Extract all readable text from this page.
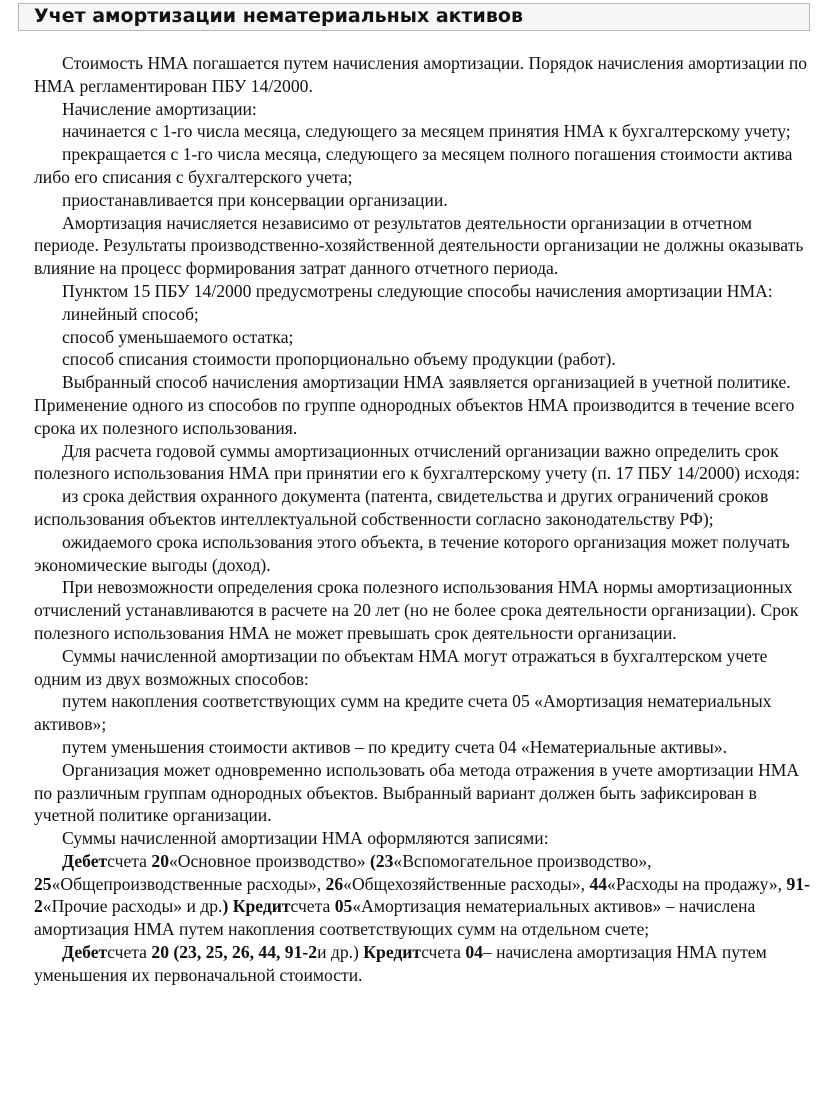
Учет амортизации нематериальных активов

Стоимость НМА погашается путем начисления амортизации. Порядок начисления амортизации по НМА регламентирован ПБУ 14/2000.

Начисление амортизации:

начинается с 1-го числа месяца, следующего за месяцем принятия НМА к бухгалтерскому учету;

прекращается с 1-го числа месяца, следующего за месяцем полного погашения стоимости актива либо его списания с бухгалтерского учета;

приостанавливается при консервации организации.

Амортизация начисляется независимо от результатов деятельности организации в отчетном периоде. Результаты производственно-хозяйственной деятельности организации не должны оказывать влияние на процесс формирования затрат данного отчетного периода.

Пунктом 15 ПБУ 14/2000 предусмотрены следующие способы начисления амортизации НМА:

линейный способ;

способ уменьшаемого остатка;

способ списания стоимости пропорционально объему продукции (работ).

Выбранный способ начисления амортизации НМА заявляется организацией в учетной политике. Применение одного из способов по группе однородных объектов НМА производится в течение всего срока их полезного использования.

Для расчета годовой суммы амортизационных отчислений организации важно определить срок полезного использования НМА при принятии его к бухгалтерскому учету (п. 17 ПБУ 14/2000) исходя:

из срока действия охранного документа (патента, свидетельства и других ограничений сроков использования объектов интеллектуальной собственности согласно законодательству РФ);

ожидаемого срока использования этого объекта, в течение которого организация может получать экономические выгоды (доход).

При невозможности определения срока полезного использования НМА нормы амортизационных отчислений устанавливаются в расчете на 20 лет (но не более срока деятельности организации). Срок полезного использования НМА не может превышать срок деятельности организации.

Суммы начисленной амортизации по объектам НМА могут отражаться в бухгалтерском учете одним из двух возможных способов:

путем накопления соответствующих сумм на кредите счета 05 «Амортизация нематериальных активов»;

путем уменьшения стоимости активов – по кредиту счета 04 «Нематериальные активы».

Организация может одновременно использовать оба метода отражения в учете амортизации НМА по различным группам однородных объектов. Выбранный вариант должен быть зафиксирован в учетной политике организации.

Суммы начисленной амортизации НМА оформляются записями:

Дебетсчета 20«Основное производство» (23«Вспомогательное производство», 25«Общепроизводственные расходы», 26«Общехозяйственные расходы», 44«Расходы на продажу», 91-2«Прочие расходы» и др.) Кредитсчета 05«Амортизация нематериальных активов» – начислена амортизация НМА путем накопления соответствующих сумм на отдельном счете;

Дебетсчета 20 (23, 25, 26, 44, 91-2и др.) Кредитсчета 04– начислена амортизация НМА путем уменьшения их первоначальной стоимости.
